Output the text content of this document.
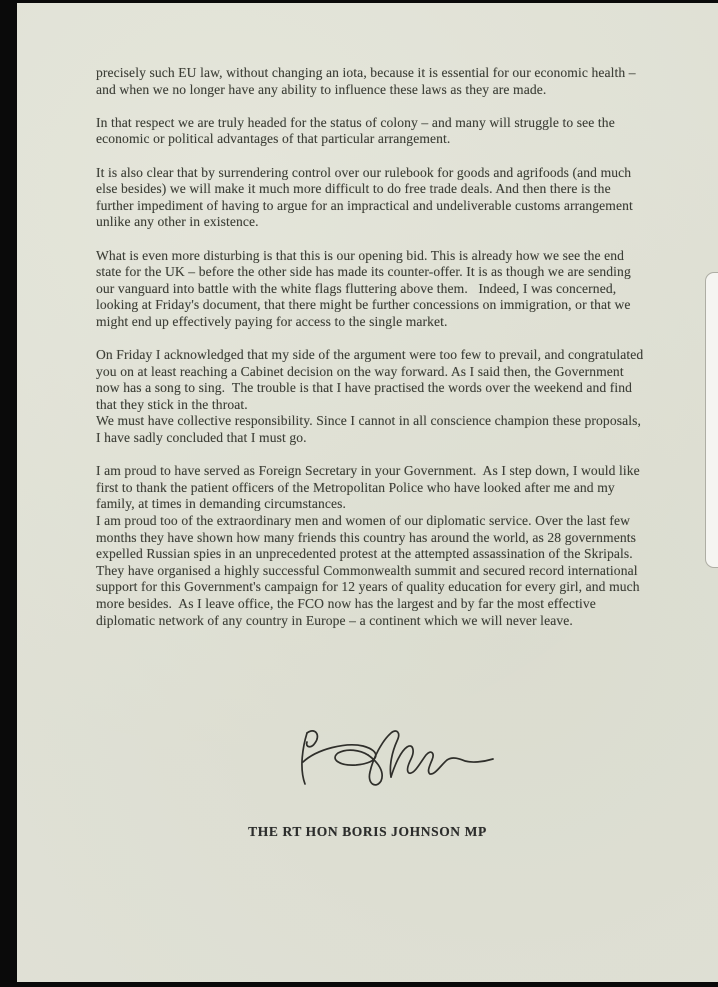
precisely such EU law, without changing an iota, because it is essential for our economic health – and when we no longer have any ability to influence these laws as they are made.

In that respect we are truly headed for the status of colony – and many will struggle to see the economic or political advantages of that particular arrangement.

It is also clear that by surrendering control over our rulebook for goods and agrifoods (and much else besides) we will make it much more difficult to do free trade deals. And then there is the further impediment of having to argue for an impractical and undeliverable customs arrangement unlike any other in existence.

What is even more disturbing is that this is our opening bid. This is already how we see the end state for the UK – before the other side has made its counter-offer. It is as though we are sending our vanguard into battle with the white flags fluttering above them.   Indeed, I was concerned, looking at Friday's document, that there might be further concessions on immigration, or that we might end up effectively paying for access to the single market.

On Friday I acknowledged that my side of the argument were too few to prevail, and congratulated you on at least reaching a Cabinet decision on the way forward. As I said then, the Government now has a song to sing.  The trouble is that I have practised the words over the weekend and find that they stick in the throat.
We must have collective responsibility. Since I cannot in all conscience champion these proposals, I have sadly concluded that I must go.

I am proud to have served as Foreign Secretary in your Government.  As I step down, I would like first to thank the patient officers of the Metropolitan Police who have looked after me and my family, at times in demanding circumstances.
I am proud too of the extraordinary men and women of our diplomatic service. Over the last few months they have shown how many friends this country has around the world, as 28 governments expelled Russian spies in an unprecedented protest at the attempted assassination of the Skripals.  They have organised a highly successful Commonwealth summit and secured record international support for this Government's campaign for 12 years of quality education for every girl, and much more besides.  As I leave office, the FCO now has the largest and by far the most effective diplomatic network of any country in Europe – a continent which we will never leave.

THE RT HON BORIS JOHNSON MP
